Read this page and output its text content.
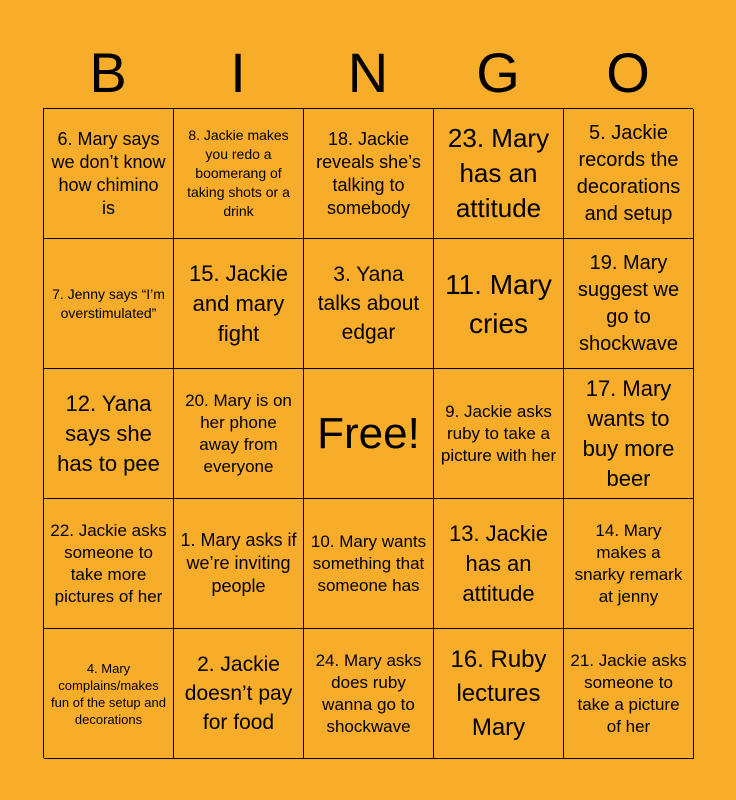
B	I	N	G	O
6. Mary says we don’t know how chimino is
8. Jackie makes you redo a boomerang of taking shots or a drink
18. Jackie reveals she’s talking to somebody
23. Mary has an attitude
5. Jackie records the decorations and setup
7. Jenny says “I’m overstimulated”
15. Jackie and mary fight
3. Yana talks about edgar
11. Mary cries
19. Mary suggest we go to shockwave
12. Yana says she has to pee
20. Mary is on her phone away from everyone
Free!	9. Jackie asks ruby to take a picture with her
17. Mary wants to buy more beer
22. Jackie asks someone to take more pictures of her
1. Mary asks if we’re inviting people
10. Mary wants something that someone has
13. Jackie has an attitude
14. Mary makes a snarky remark at jenny
4. Mary complains/makes fun of the setup and decorations
2. Jackie doesn’t pay for food
24. Mary asks does ruby wanna go to shockwave
16. Ruby lectures Mary
21. Jackie asks someone to take a picture of her
